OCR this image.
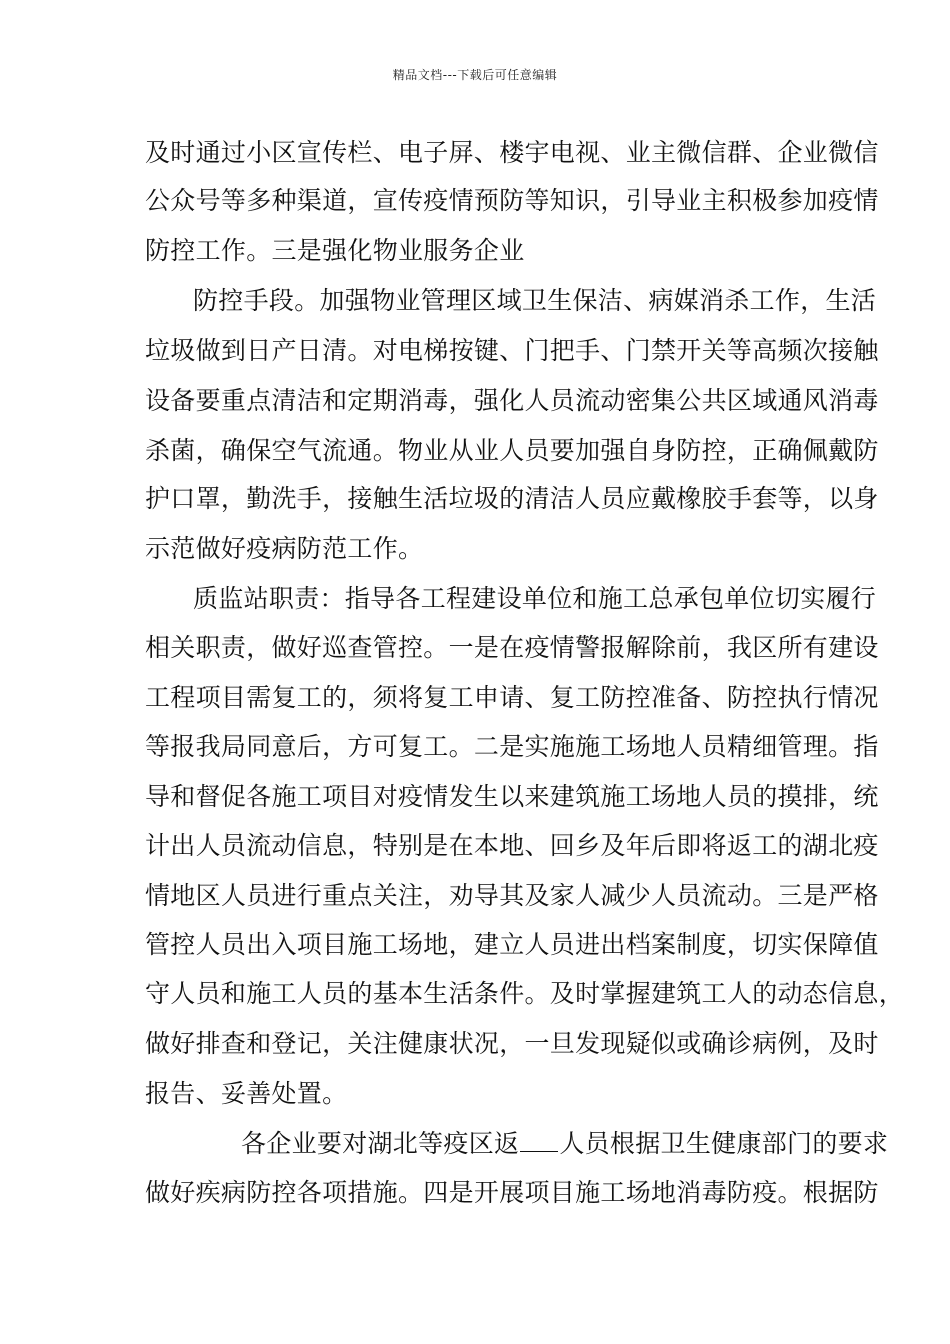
精品文档---下载后可任意编辑
及时通过小区宣传栏、电子屏、楼宇电视、业主微信群、企业微信
公众号等多种渠道，宣传疫情预防等知识，引导业主积极参加疫情
防控工作。三是强化物业服务企业
防控手段。加强物业管理区域卫生保洁、病媒消杀工作，生活
垃圾做到日产日清。对电梯按键、门把手、门禁开关等高频次接触
设备要重点清洁和定期消毒，强化人员流动密集公共区域通风消毒
杀菌，确保空气流通。物业从业人员要加强自身防控，正确佩戴防
护口罩，勤洗手，接触生活垃圾的清洁人员应戴橡胶手套等，以身
示范做好疫病防范工作。
质监站职责：指导各工程建设单位和施工总承包单位切实履行
相关职责，做好巡查管控。一是在疫情警报解除前，我区所有建设
工程项目需复工的，须将复工申请、复工防控准备、防控执行情况
等报我局同意后，方可复工。二是实施施工场地人员精细管理。指
导和督促各施工项目对疫情发生以来建筑施工场地人员的摸排，统
计出人员流动信息，特别是在本地、回乡及年后即将返工的湖北疫
情地区人员进行重点关注，劝导其及家人减少人员流动。三是严格
管控人员出入项目施工场地，建立人员进出档案制度，切实保障值
守人员和施工人员的基本生活条件。及时掌握建筑工人的动态信息，
做好排查和登记，关注健康状况，一旦发现疑似或确诊病例，及时
报告、妥善处置。
各企业要对湖北等疫区返 人员根据卫生健康部门的要求
做好疾病防控各项措施。四是开展项目施工场地消毒防疫。根据防
